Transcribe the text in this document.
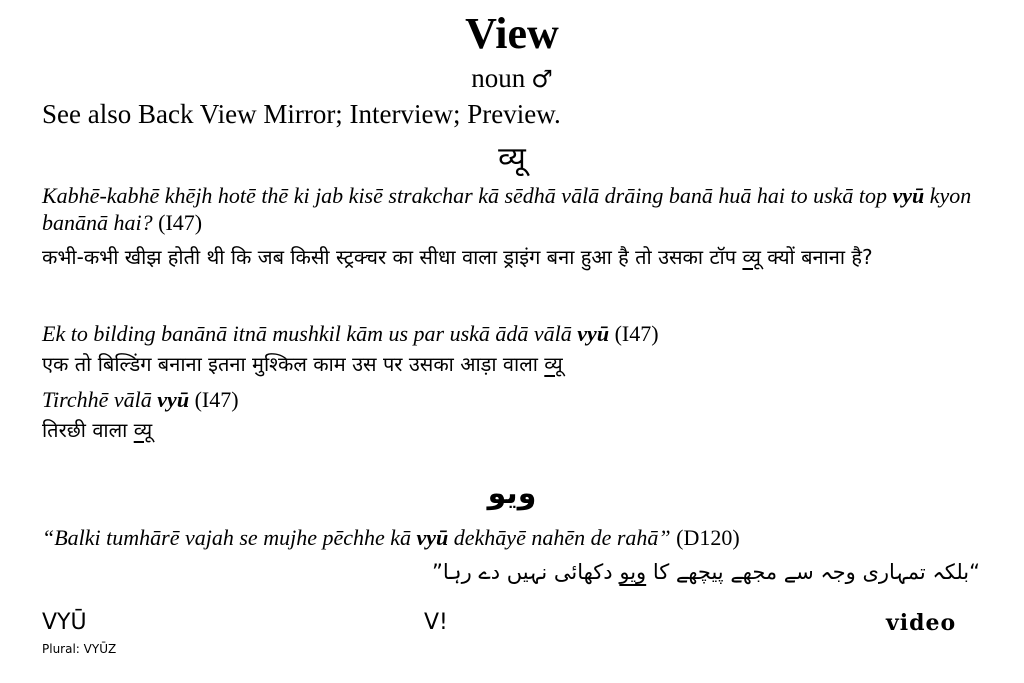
View
noun ♂
See also Back View Mirror; Interview; Preview.
व्यू
Kabhē-kabhē khējh hotē thē ki jab kisē strakchar kā sēdhā vālā drāing banā huā hai to uskā top vyū kyon banānā hai? (I47)
कभी-कभी खीझ होती थी कि जब किसी स्ट्रक्चर का सीधा वाला ड्राइंग बना हुआ है तो उसका टॉप व्यू क्यों बनाना है?
Ek to bilding banānā itnā mushkil kām us par uskā ādā vālā vyū (I47)
एक तो बिल्डिंग बनाना इतना मुश्किल काम उस पर उसका आड़ा वाला व्यू
Tirchhē vālā vyū (I47)
तिरछी वाला व्यू
ویو
“Balki tumhārē vajah se mujhe pēchhe kā vyū dekhāyē nahēn de rahā” (D120)
“بلکہ تمہاری وجہ سے مجھے پیچھے کا ویو دکھائی نہیں دے رہا”
VYŪ
Plural: VYŪZ
V!	video
